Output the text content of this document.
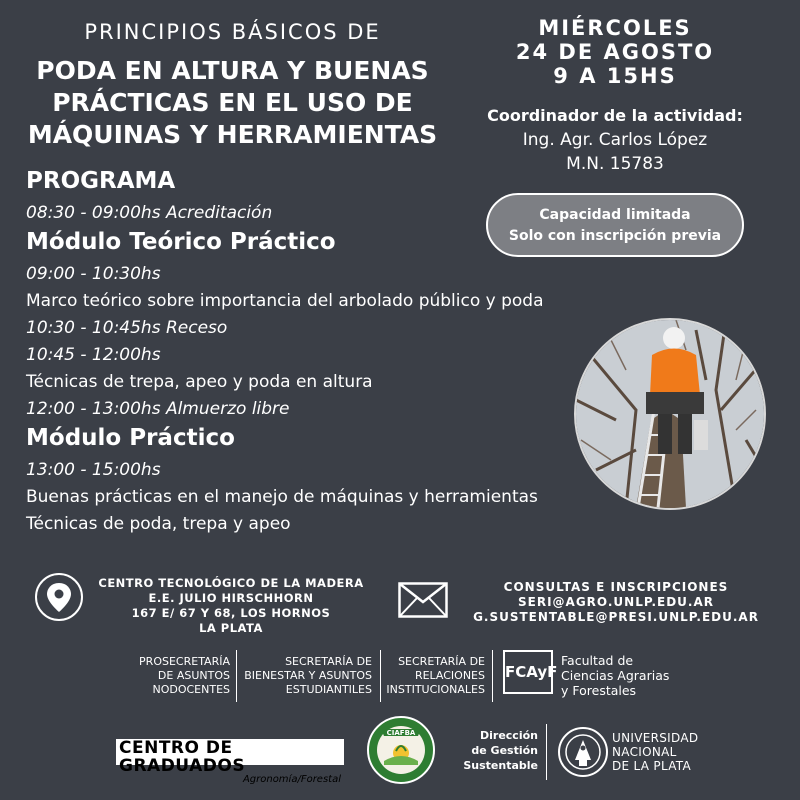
PRINCIPIOS BÁSICOS DE
PODA EN ALTURA Y BUENAS
PRÁCTICAS EN EL USO DE
MÁQUINAS Y HERRAMIENTAS
MIÉRCOLES
24 DE AGOSTO
9 A 15HS
Coordinador de la actividad:
Ing. Agr. Carlos López
M.N. 15783
Capacidad limitada
Solo con inscripción previa
PROGRAMA
08:30 - 09:00hs Acreditación
Módulo Teórico Práctico
09:00 - 10:30hs
Marco teórico sobre importancia del arbolado público y poda
10:30 - 10:45hs Receso
10:45 - 12:00hs
Técnicas de trepa, apeo y poda en altura
12:00 - 13:00hs Almuerzo libre
Módulo Práctico
13:00 - 15:00hs
Buenas prácticas en el manejo de máquinas y herramientas
Técnicas de poda, trepa y apeo
CENTRO TECNOLÓGICO DE LA MADERA
E.E. JULIO HIRSCHHORN
167 E/ 67 Y 68, LOS HORNOS
LA PLATA
CONSULTAS E INSCRIPCIONES
SERI@AGRO.UNLP.EDU.AR
G.SUSTENTABLE@PRESI.UNLP.EDU.AR
PROSECRETARÍA
DE ASUNTOS
NODOCENTES
SECRETARÍA DE
BIENESTAR Y ASUNTOS
ESTUDIANTILES
SECRETARÍA DE
RELACIONES
INSTITUCIONALES
FCAyF
Facultad de
Ciencias Agrarias
y Forestales
CENTRO DE GRADUADOS
Agronomía/Forestal
CIAFBA	Dirección
de Gestión
Sustentable
UNIVERSIDAD
NACIONAL
DE LA PLATA
